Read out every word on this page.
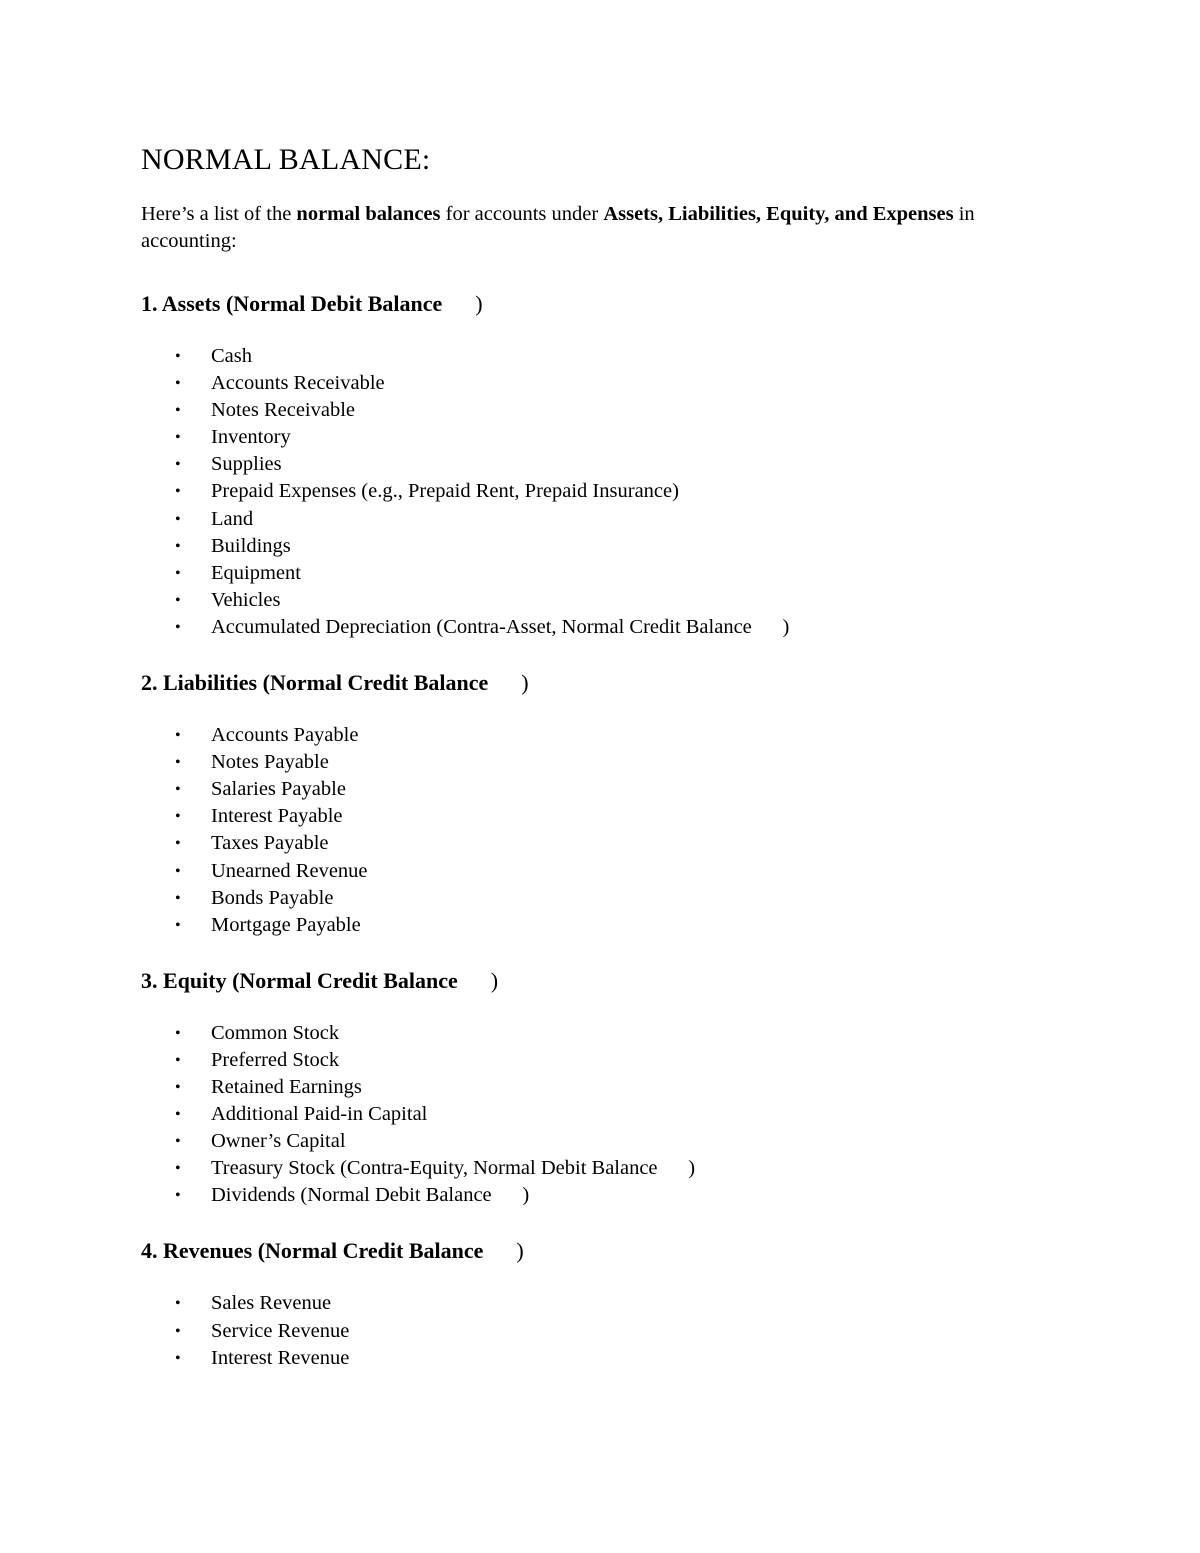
NORMAL BALANCE:

Here’s a list of the normal balances for accounts under Assets, Liabilities, Equity, and Expenses in accounting:

1. Assets (Normal Debit Balance      )
• Cash
• Accounts Receivable
• Notes Receivable
• Inventory
• Supplies
• Prepaid Expenses (e.g., Prepaid Rent, Prepaid Insurance)
• Land
• Buildings
• Equipment
• Vehicles
• Accumulated Depreciation (Contra-Asset, Normal Credit Balance      )
2. Liabilities (Normal Credit Balance      )
• Accounts Payable
• Notes Payable
• Salaries Payable
• Interest Payable
• Taxes Payable
• Unearned Revenue
• Bonds Payable
• Mortgage Payable
3. Equity (Normal Credit Balance      )
• Common Stock
• Preferred Stock
• Retained Earnings
• Additional Paid-in Capital
• Owner’s Capital
• Treasury Stock (Contra-Equity, Normal Debit Balance      )
• Dividends (Normal Debit Balance      )
4. Revenues (Normal Credit Balance      )
• Sales Revenue
• Service Revenue
• Interest Revenue
